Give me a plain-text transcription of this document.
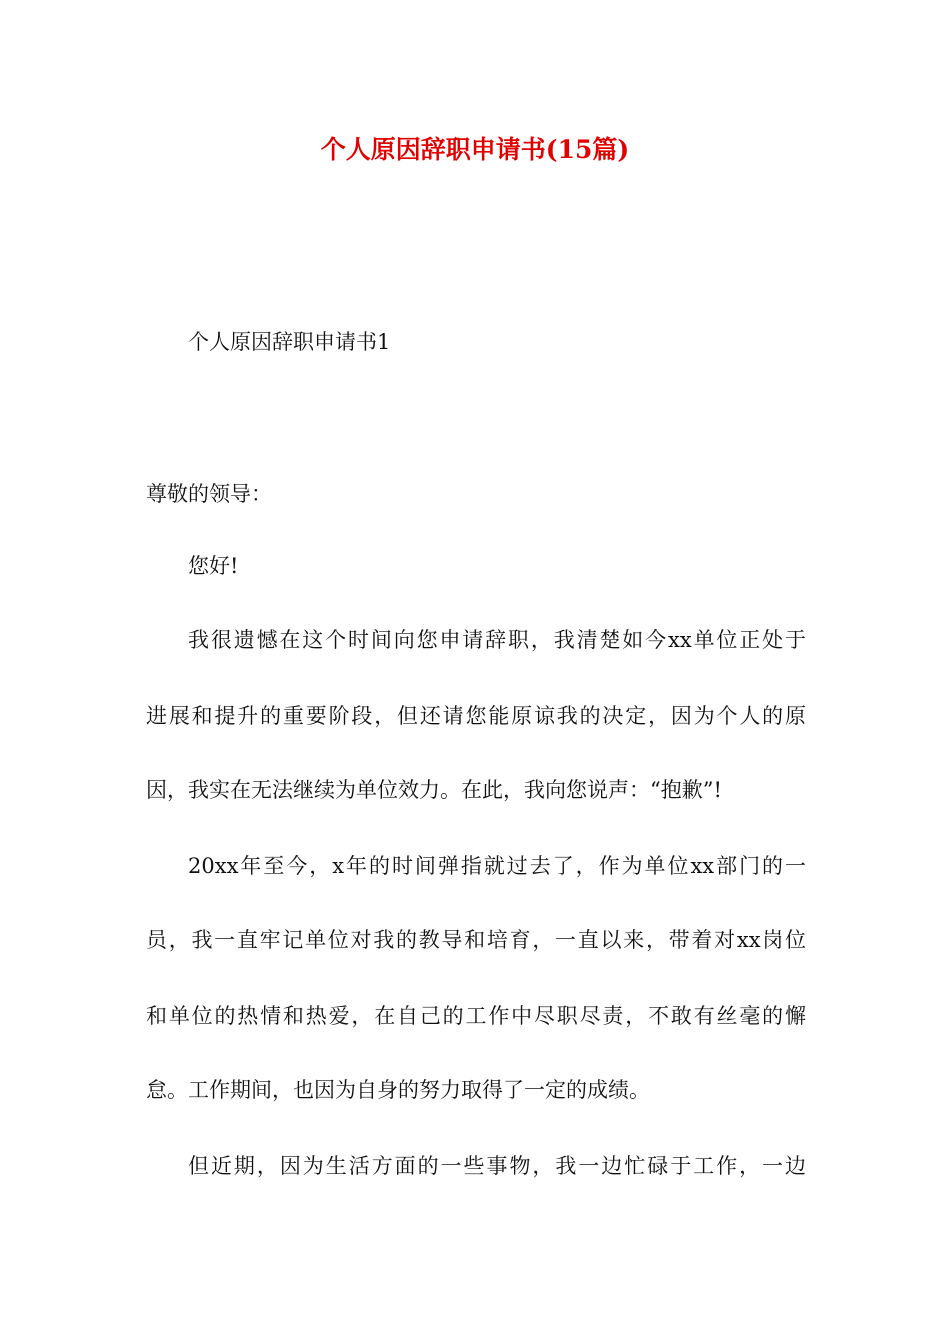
个人原因辞职申请书(15篇)
个人原因辞职申请书1
尊敬的领导：
您好!
我很遗憾在这个时间向您申请辞职，我清楚如今xx单位正处于
进展和提升的重要阶段，但还请您能原谅我的决定，因为个人的原
因，我实在无法继续为单位效力。在此，我向您说声：“抱歉”!
20xx年至今，x年的时间弹指就过去了，作为单位xx部门的一
员，我一直牢记单位对我的教导和培育，一直以来，带着对xx岗位
和单位的热情和热爱，在自己的工作中尽职尽责，不敢有丝毫的懈
怠。工作期间，也因为自身的努力取得了一定的成绩。
但近期，因为生活方面的一些事物，我一边忙碌于工作，一边
